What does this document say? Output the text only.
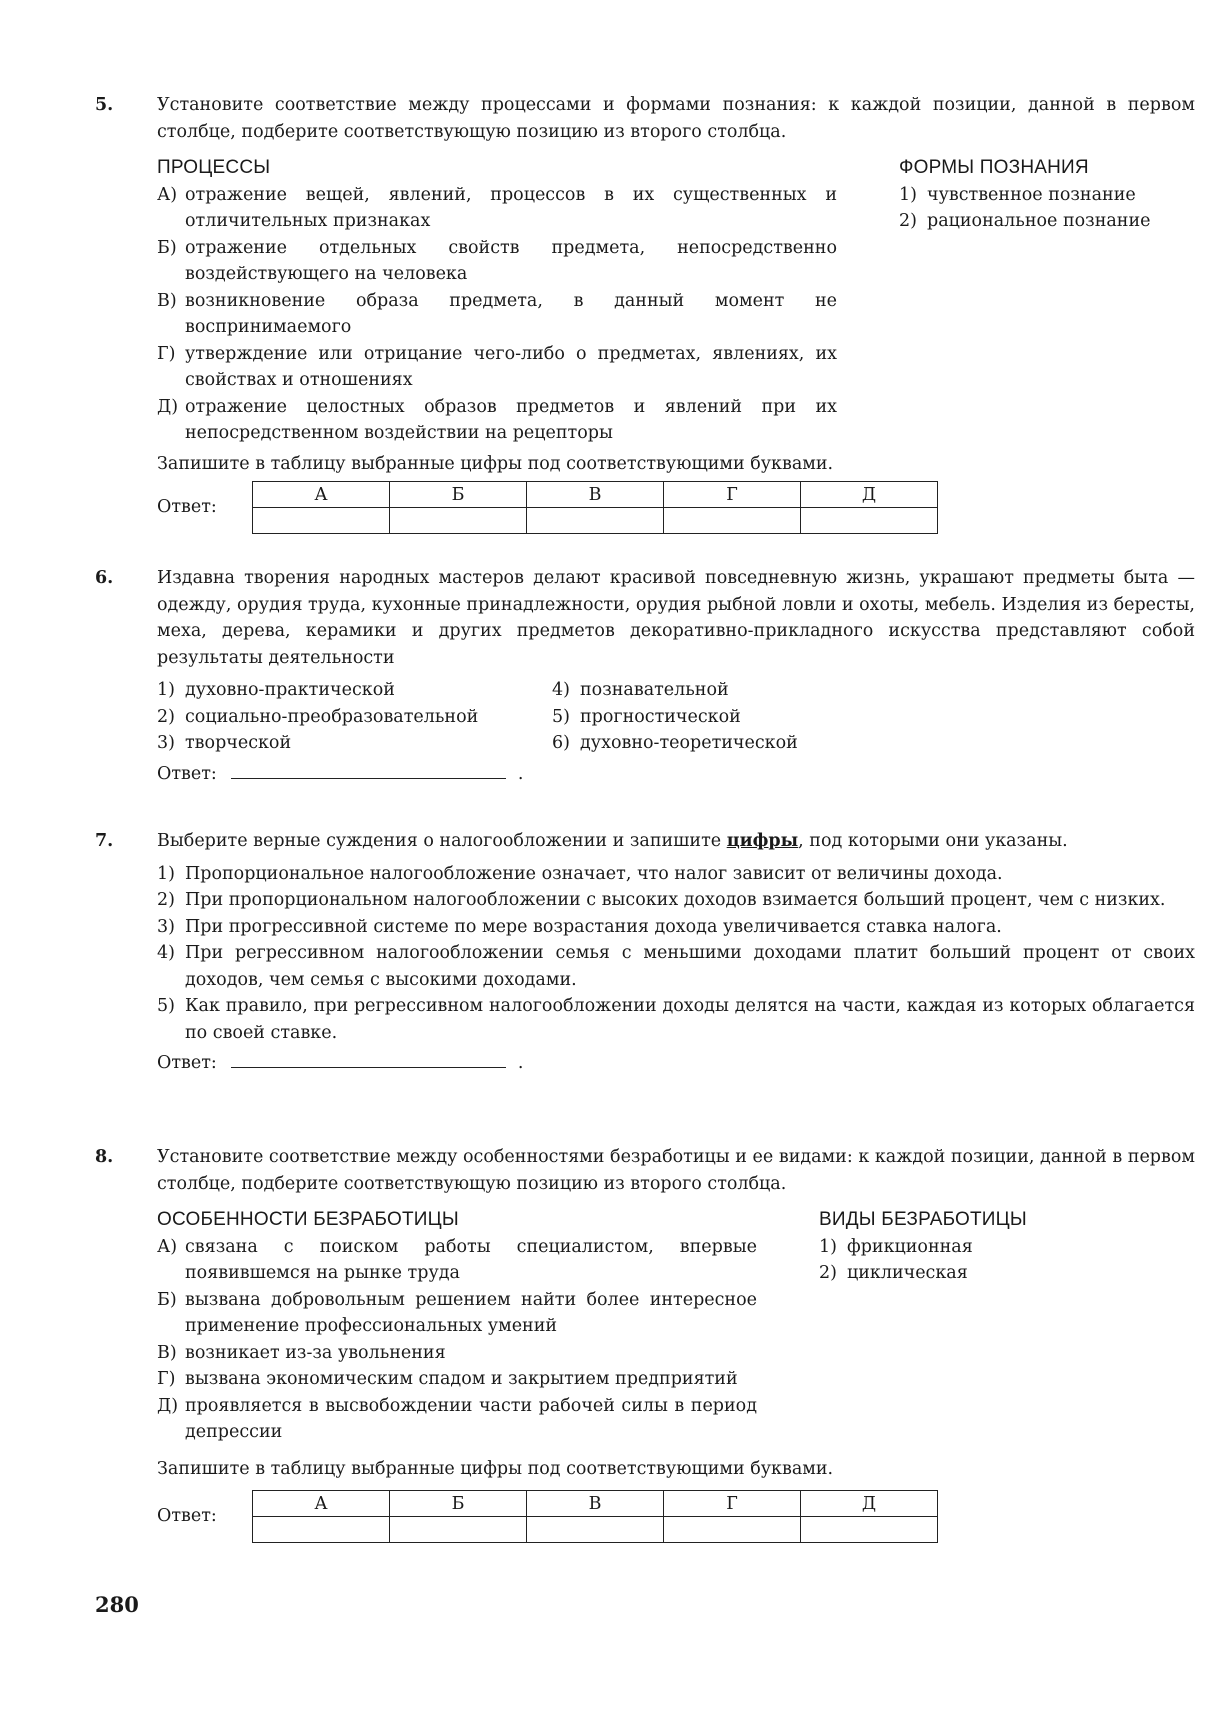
5. Установите соответствие между процессами и формами познания: к каждой позиции, данной в первом столбце, подберите соответствующую позицию из второго столбца.

ПРОЦЕССЫ
А) отражение вещей, явлений, процессов в их существенных и отличительных признаках
Б) отражение отдельных свойств предмета, непосредственно воздействующего на человека
В) возникновение образа предмета, в данный момент не воспринимаемого
Г) утверждение или отрицание чего-либо о предметах, явлениях, их свойствах и отношениях
Д) отражение целостных образов предметов и явлений при их непосредственном воздействии на рецепторы
ФОРМЫ ПОЗНАНИЯ
1) чувственное познание
2) рациональное познание

Запишите в таблицу выбранные цифры под соответствующими буквами.

Ответ:
А	Б	В	Г	Д

6. Издавна творения народных мастеров делают красивой повседневную жизнь, украшают предметы быта — одежду, орудия труда, кухонные принадлежности, орудия рыбной ловли и охоты, мебель. Изделия из бересты, меха, дерева, керамики и других предметов декоративно-прикладного искусства представляют собой результаты деятельности

1) духовно-практической
2) социально-преобразовательной
3) творческой
4) познавательной
5) прогностической
6) духовно-теоретической

Ответ:	.

7. Выберите верные суждения о налогообложении и запишите цифры, под которыми они указаны.

1) Пропорциональное налогообложение означает, что налог зависит от величины дохода.
2) При пропорциональном налогообложении с высоких доходов взимается больший процент, чем с низких.
3) При прогрессивной системе по мере возрастания дохода увеличивается ставка налога.
4) При регрессивном налогообложении семья с меньшими доходами платит больший процент от своих доходов, чем семья с высокими доходами.
5) Как правило, при регрессивном налогообложении доходы делятся на части, каждая из которых облагается по своей ставке.

Ответ:	.

8. Установите соответствие между особенностями безработицы и ее видами: к каждой позиции, данной в первом столбце, подберите соответствующую позицию из второго столбца.

ОСОБЕННОСТИ БЕЗРАБОТИЦЫ
А) связана с поиском работы специалистом, впервые появившемся на рынке труда
Б) вызвана добровольным решением найти более интересное применение профессиональных умений
В) возникает из-за увольнения
Г) вызвана экономическим спадом и закрытием предприятий
Д) проявляется в высвобождении части рабочей силы в период депрессии
ВИДЫ БЕЗРАБОТИЦЫ
1) фрикционная
2) циклическая

Запишите в таблицу выбранные цифры под соответствующими буквами.

Ответ:
А	Б	В	Г	Д

280
